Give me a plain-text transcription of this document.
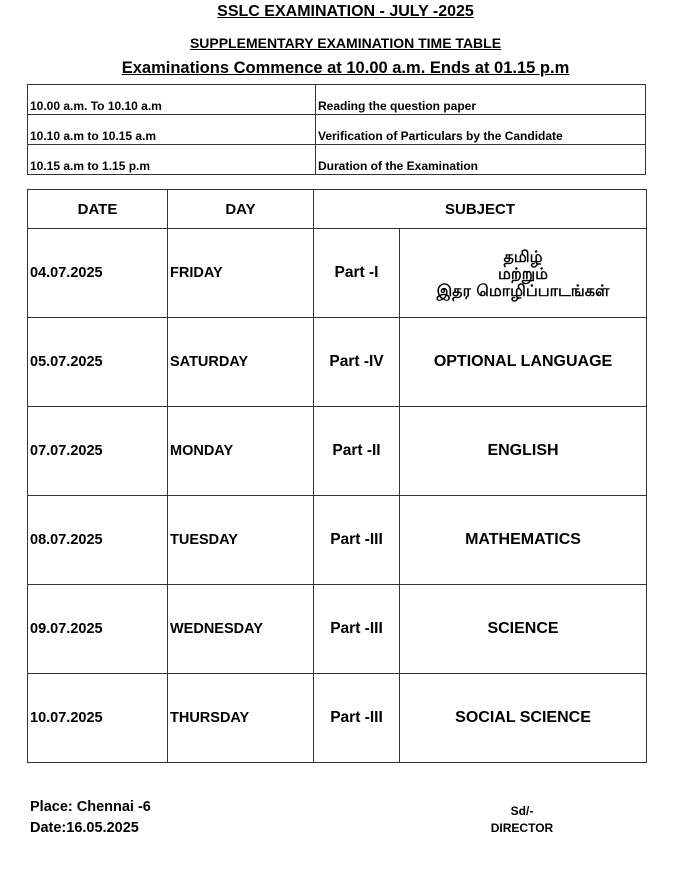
SSLC EXAMINATION - JULY -2025
SUPPLEMENTARY EXAMINATION TIME TABLE
Examinations Commence at 10.00 a.m. Ends at 01.15 p.m
10.00 a.m. To 10.10 a.m	Reading the question paper
10.10 a.m to 10.15 a.m	Verification of Particulars by the Candidate
10.15 a.m to 1.15 p.m	Duration of the Examination
DATE	DAY	SUBJECT	
04.07.2025	FRIDAY	Part -I	தமிழ்
மற்றும்
இதர மொழிப்பாடங்கள்

05.07.2025	SATURDAY	Part -IV	OPTIONAL LANGUAGE
07.07.2025	MONDAY	Part -II	ENGLISH
08.07.2025	TUESDAY	Part -III	MATHEMATICS
09.07.2025	WEDNESDAY	Part -III	SCIENCE
10.07.2025	THURSDAY	Part -III	SOCIAL SCIENCE
Place: Chennai -6
Date:16.05.2025
Sd/-
DIRECTOR
